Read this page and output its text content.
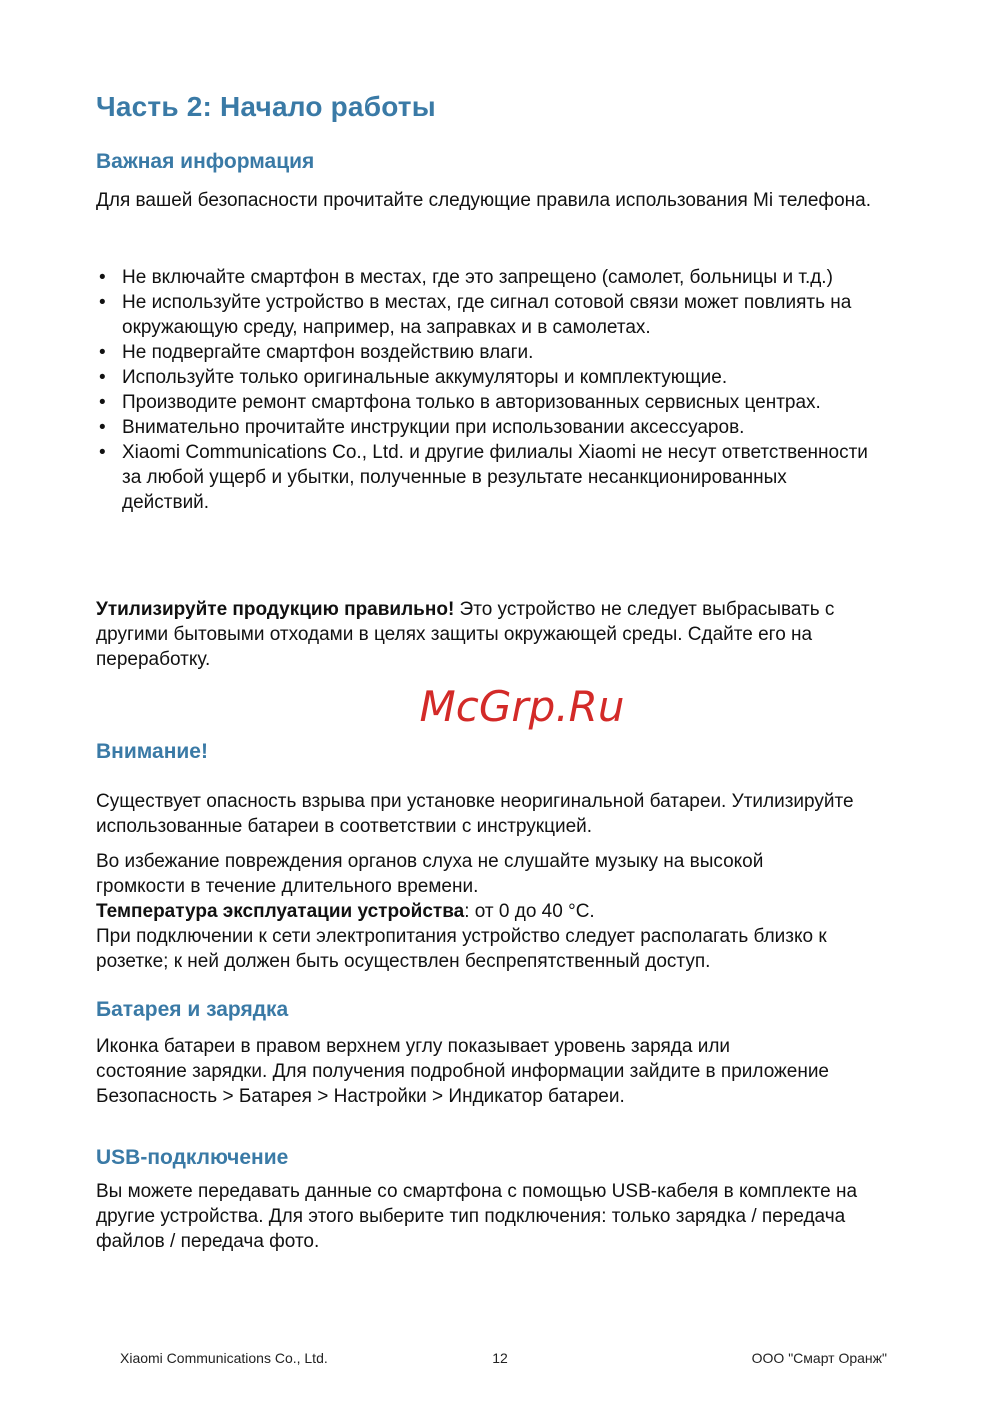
Часть 2: Начало работы
Важная информация

Для вашей безопасности прочитайте следующие правила использования Mi телефона.

• Не включайте смартфон в местах, где это запрещено (самолет, больницы и т.д.)
• Не используйте устройство в местах, где сигнал сотовой связи может повлиять на
окружающую среду, например, на заправках и в самолетах.
• Не подвергайте смартфон воздействию влаги.
• Используйте только оригинальные аккумуляторы и комплектующие.
• Производите ремонт смартфона только в авторизованных сервисных центрах.
• Внимательно прочитайте инструкции при использовании аксессуаров.
• Xiaomi Communications Co., Ltd. и другие филиалы Xiaomi не несут ответственности
за любой ущерб и убытки, полученные в результате несанкционированных
действий.

Утилизируйте продукцию правильно! Это устройство не следует выбрасывать с
другими бытовыми отходами в целях защиты окружающей среды. Сдайте его на
переработку.

McGrp.Ru
Внимание!

Существует опасность взрыва при установке неоригинальной батареи. Утилизируйте
использованные батареи в соответствии с инструкцией.

Во избежание повреждения органов слуха не слушайте музыку на высокой
громкости в течение длительного времени.
Температура эксплуатации устройства: от 0 до 40 °C.
При подключении к сети электропитания устройство следует располагать близко к
розетке; к ней должен быть осуществлен беспрепятственный доступ.

Батарея и зарядка

Иконка батареи в правом верхнем углу показывает уровень заряда или
состояние зарядки. Для получения подробной информации зайдите в приложение
Безопасность > Батарея > Настройки > Индикатор батареи.

USB-подключение

Вы можете передавать данные со смартфона с помощью USB-кабеля в комплекте на
другие устройства. Для этого выберите тип подключения: только зарядка / передача
файлов / передача фото.

Xiaomi Communications Co., Ltd.	12	ООО "Смарт Оранж"
